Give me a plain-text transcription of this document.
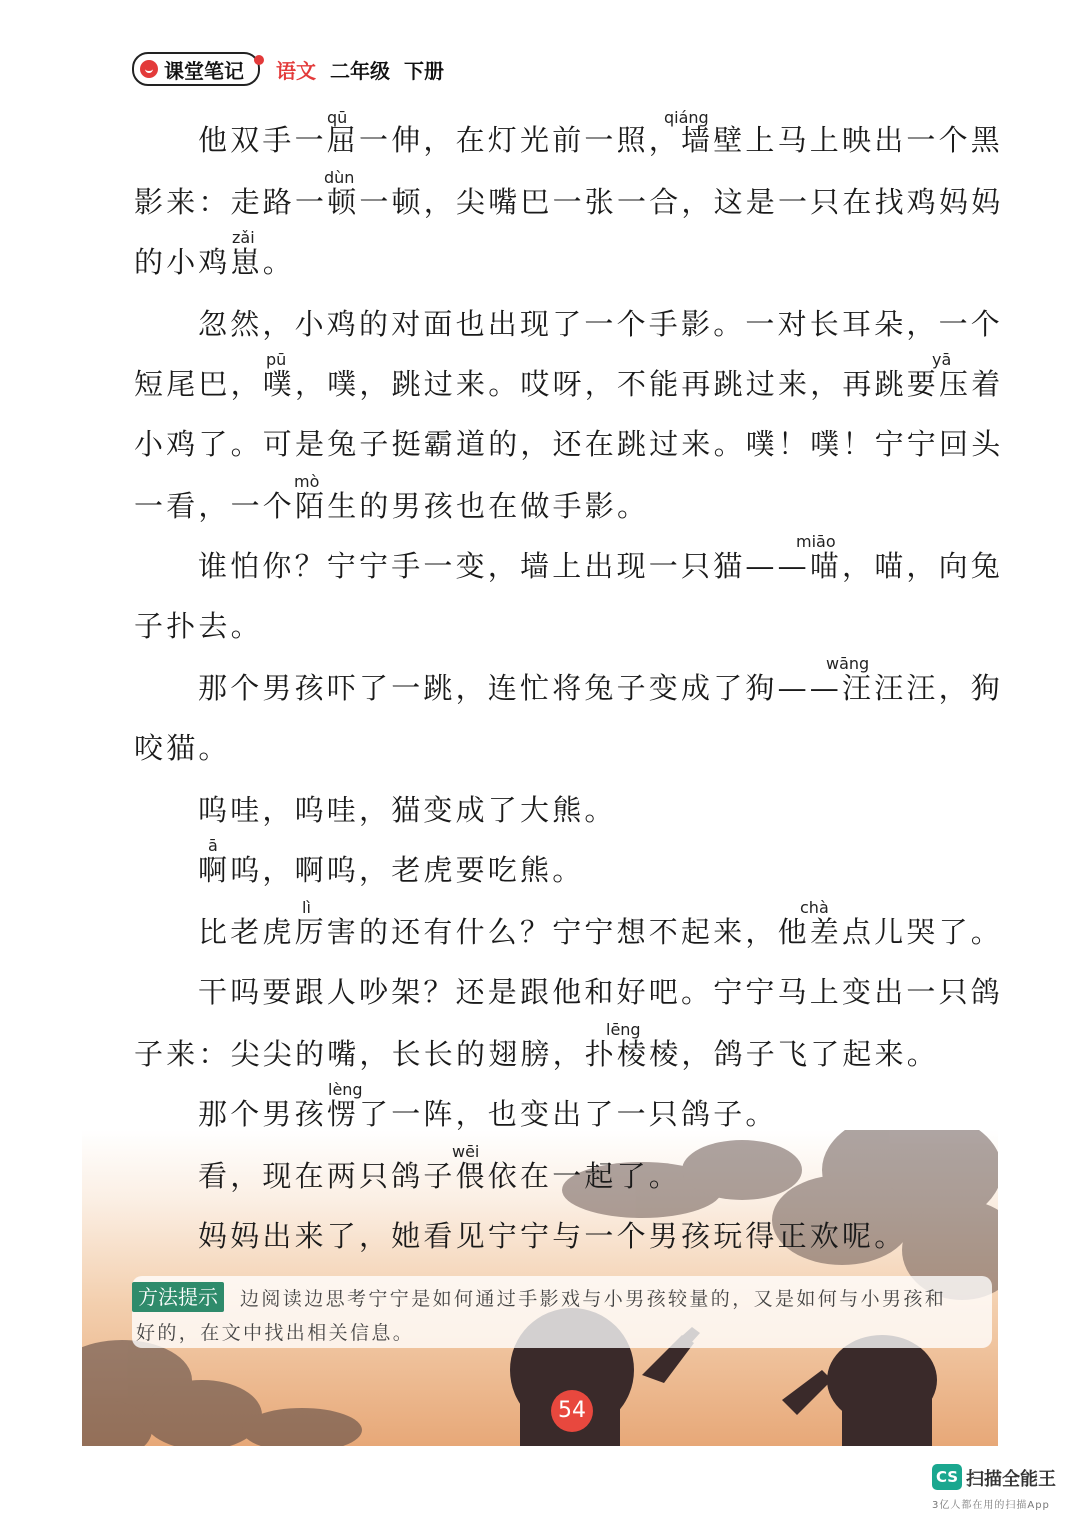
课堂笔记 语文 二年级 下册
qū	qiáng
dùn
zǎi
pū	yā
mò
miāo
wāng
ā
lì	chà
lēng
lèng
wēi
他双手一屈一伸，在灯光前一照，墙壁上马上映出一个黑
影来：走路一顿一顿，尖嘴巴一张一合，这是一只在找鸡妈妈
的小鸡崽。
忽然，小鸡的对面也出现了一个手影。一对长耳朵，一个
短尾巴，噗，噗，跳过来。哎呀，不能再跳过来，再跳要压着
小鸡了。可是兔子挺霸道的，还在跳过来。噗！噗！宁宁回头
一看，一个陌生的男孩也在做手影。
谁怕你？宁宁手一变，墙上出现一只猫——喵，喵，向兔
子扑去。
那个男孩吓了一跳，连忙将兔子变成了狗——汪汪汪，狗
咬猫。
呜哇，呜哇，猫变成了大熊。
啊呜，啊呜，老虎要吃熊。
比老虎厉害的还有什么？宁宁想不起来，他差点儿哭了。
干吗要跟人吵架？还是跟他和好吧。宁宁马上变出一只鸽
子来：尖尖的嘴，长长的翅膀，扑棱棱，鸽子飞了起来。
那个男孩愣了一阵，也变出了一只鸽子。
看，现在两只鸽子偎依在一起了。
妈妈出来了，她看见宁宁与一个男孩玩得正欢呢。
方法提示	边阅读边思考宁宁是如何通过手影戏与小男孩较量的，又是如何与小男孩和
好的，在文中找出相关信息。
54
CS 扫描全能王
3亿人都在用的扫描App
